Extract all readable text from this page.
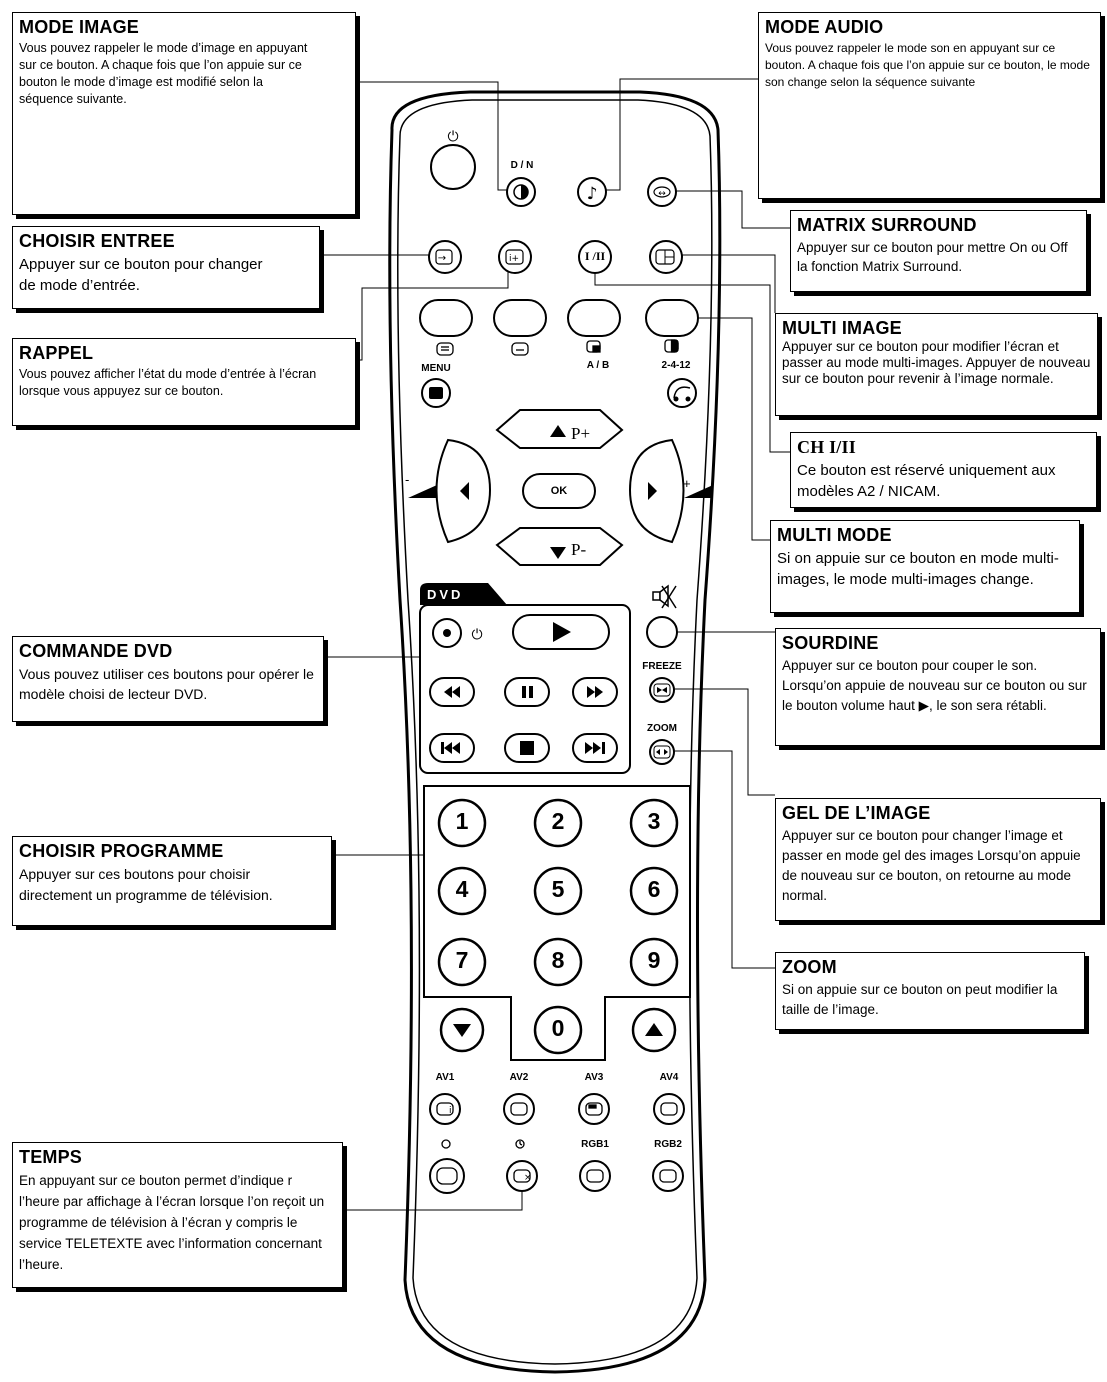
⏻
♪	↔
→	i+
⏻
i
×
D / N
I /II
MENU	A / B	2-4-12
P+
P-
OK
-	+
DVD
FREEZE
ZOOM
1	2	3
4	5	6
7	8	9
0
AV1	AV2	AV3	AV4
RGB1	RGB2
MODE IMAGE

Vous pouvez rappeler le mode d’image en appuyant sur ce bouton. A chaque fois que l’on appuie sur ce bouton le mode d’image est modifié selon la séquence suivante.

MODE AUDIO

Vous pouvez rappeler le mode son en appuyant sur ce bouton. A chaque fois que l’on appuie sur ce bouton, le mode son change selon la séquence suivante

CHOISIR ENTREE

Appuyer sur ce bouton pour changer de mode d’entrée.

RAPPEL

Vous pouvez afficher l’état du mode d’entrée à l’écran lorsque vous appuyez sur ce bouton.

MATRIX SURROUND

Appuyer sur ce bouton pour mettre On ou Off la fonction Matrix Surround.

MULTI IMAGE

Appuyer sur ce bouton pour modifier l’écran et passer au mode multi-images. Appuyer de nouveau sur ce bouton pour revenir à l’image normale.

CH I/II

Ce bouton est réservé uniquement aux modèles A2 / NICAM.

MULTI MODE

Si on appuie sur ce bouton en mode multi-images, le mode multi-images change.

SOURDINE

Appuyer sur ce bouton pour couper le son. Lorsqu’on appuie de nouveau sur ce bouton ou sur le bouton volume haut ▶, le son sera rétabli.

COMMANDE DVD

Vous pouvez utiliser ces boutons pour opérer le modèle choisi de lecteur DVD.

GEL DE L’IMAGE

Appuyer sur ce bouton pour changer l’image et passer en mode gel des images Lorsqu’on appuie de nouveau sur ce bouton, on retourne au mode normal.

CHOISIR PROGRAMME

Appuyer sur ces boutons pour choisir directement un programme de télévision.

ZOOM

Si on appuie sur ce bouton on peut modifier la taille de l’image.

TEMPS

En appuyant sur ce bouton permet d’indique r l’heure par affichage à l’écran lorsque l’on reçoit un programme de télévision à l’écran y compris le service TELETEXTE avec l’information concernant l’heure.
